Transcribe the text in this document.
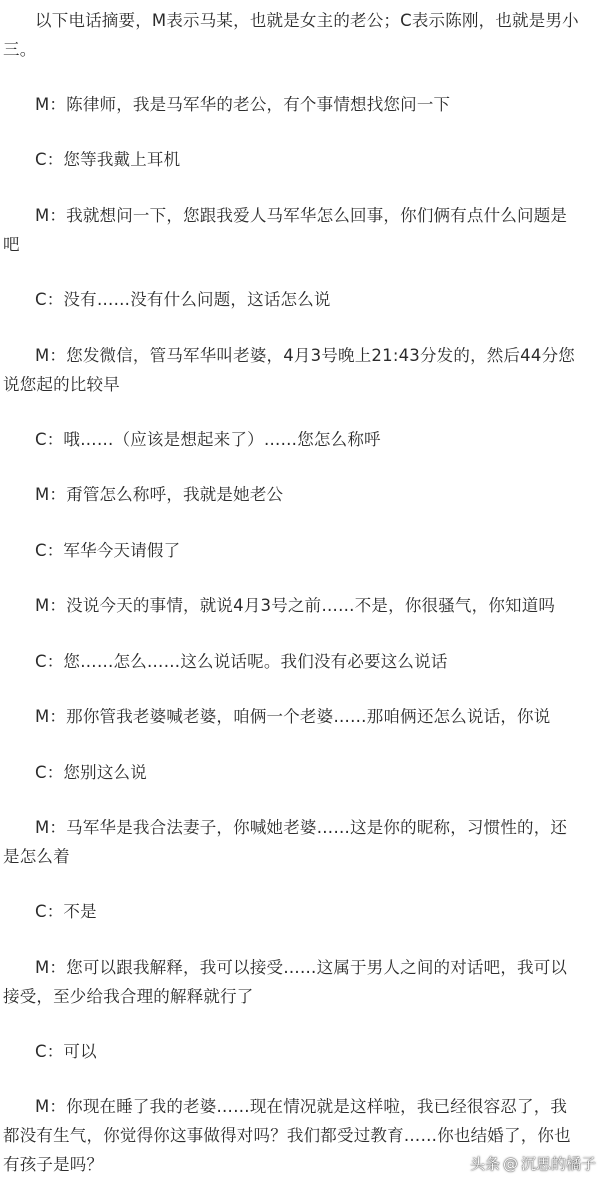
以下电话摘要，M表示马某，也就是女主的老公；C表示陈刚，也就是男小三。

M：陈律师，我是马军华的老公，有个事情想找您问一下

C：您等我戴上耳机

M：我就想问一下，您跟我爱人马军华怎么回事，你们俩有点什么问题是吧

C：没有……没有什么问题，这话怎么说

M：您发微信，管马军华叫老婆，4月3号晚上21:43分发的，然后44分您说您起的比较早

C：哦……（应该是想起来了）……您怎么称呼

M：甭管怎么称呼，我就是她老公

C：军华今天请假了

M：没说今天的事情，就说4月3号之前……不是，你很骚气，你知道吗

C：您……怎么……这么说话呢。我们没有必要这么说话

M：那你管我老婆喊老婆，咱俩一个老婆……那咱俩还怎么说话，你说

C：您别这么说

M：马军华是我合法妻子，你喊她老婆……这是你的昵称，习惯性的，还是怎么着

C：不是

M：您可以跟我解释，我可以接受……这属于男人之间的对话吧，我可以接受，至少给我合理的解释就行了

C：可以

M：你现在睡了我的老婆……现在情况就是这样啦，我已经很容忍了，我都没有生气，你觉得你这事做得对吗？我们都受过教育……你也结婚了，你也有孩子是吗？	头条 @ 沉思的橘子
